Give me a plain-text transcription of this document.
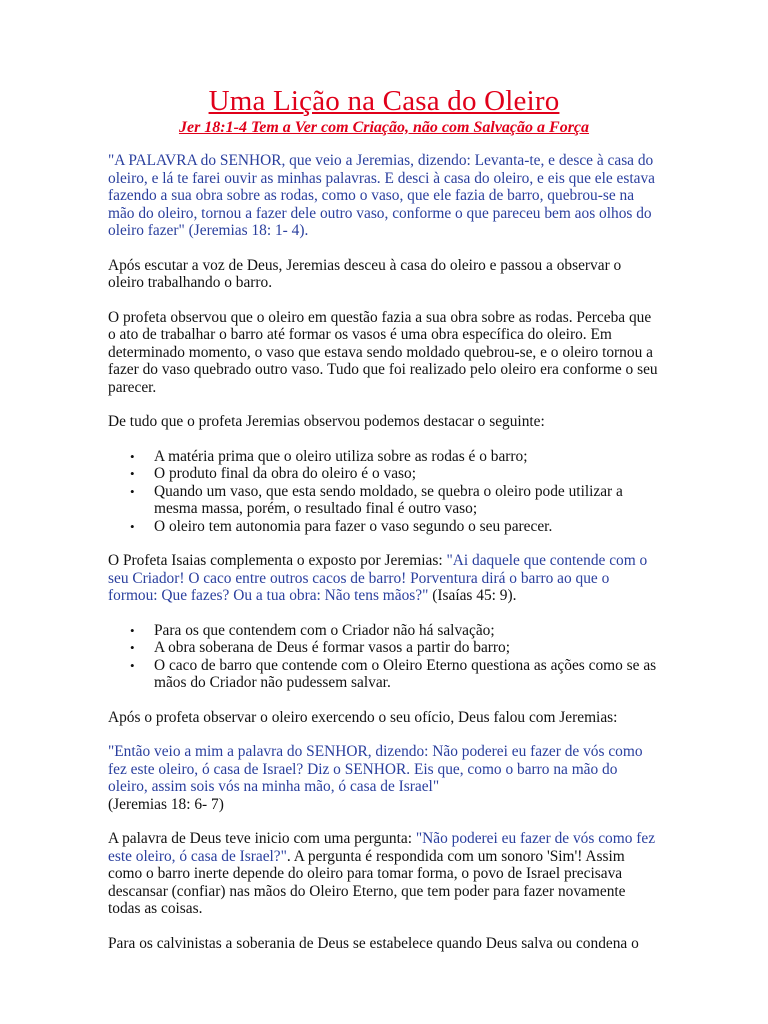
Uma Lição na Casa do Oleiro
Jer 18:1-4 Tem a Ver com Criação, não com Salvação a Força

"A PALAVRA do SENHOR, que veio a Jeremias, dizendo: Levanta-te, e desce à casa do oleiro, e lá te farei ouvir as minhas palavras. E desci à casa do oleiro, e eis que ele estava fazendo a sua obra sobre as rodas, como o vaso, que ele fazia de barro, quebrou-se na mão do oleiro, tornou a fazer dele outro vaso, conforme o que pareceu bem aos olhos do oleiro fazer" (Jeremias 18: 1- 4).

Após escutar a voz de Deus, Jeremias desceu à casa do oleiro e passou a observar o oleiro trabalhando o barro.

O profeta observou que o oleiro em questão fazia a sua obra sobre as rodas. Perceba que o ato de trabalhar o barro até formar os vasos é uma obra específica do oleiro. Em determinado momento, o vaso que estava sendo moldado quebrou-se, e o oleiro tornou a fazer do vaso quebrado outro vaso. Tudo que foi realizado pelo oleiro era conforme o seu parecer.

De tudo que o profeta Jeremias observou podemos destacar o seguinte:

• A matéria prima que o oleiro utiliza sobre as rodas é o barro;
• O produto final da obra do oleiro é o vaso;
• Quando um vaso, que esta sendo moldado, se quebra o oleiro pode utilizar a mesma massa, porém, o resultado final é outro vaso;
• O oleiro tem autonomia para fazer o vaso segundo o seu parecer.

O Profeta Isaias complementa o exposto por Jeremias: "Ai daquele que contende com o seu Criador! O caco entre outros cacos de barro! Porventura dirá o barro ao que o formou: Que fazes? Ou a tua obra: Não tens mãos?" (Isaías 45: 9).

• Para os que contendem com o Criador não há salvação;
• A obra soberana de Deus é formar vasos a partir do barro;
• O caco de barro que contende com o Oleiro Eterno questiona as ações como se as mãos do Criador não pudessem salvar.

Após o profeta observar o oleiro exercendo o seu ofício, Deus falou com Jeremias:

"Então veio a mim a palavra do SENHOR, dizendo: Não poderei eu fazer de vós como fez este oleiro, ó casa de Israel? Diz o SENHOR. Eis que, como o barro na mão do oleiro, assim sois vós na minha mão, ó casa de Israel"
(Jeremias 18: 6- 7)

A palavra de Deus teve inicio com uma pergunta: "Não poderei eu fazer de vós como fez este oleiro, ó casa de Israel?". A pergunta é respondida com um sonoro 'Sim'! Assim como o barro inerte depende do oleiro para tomar forma, o povo de Israel precisava descansar (confiar) nas mãos do Oleiro Eterno, que tem poder para fazer novamente todas as coisas.

Para os calvinistas a soberania de Deus se estabelece quando Deus salva ou condena o
